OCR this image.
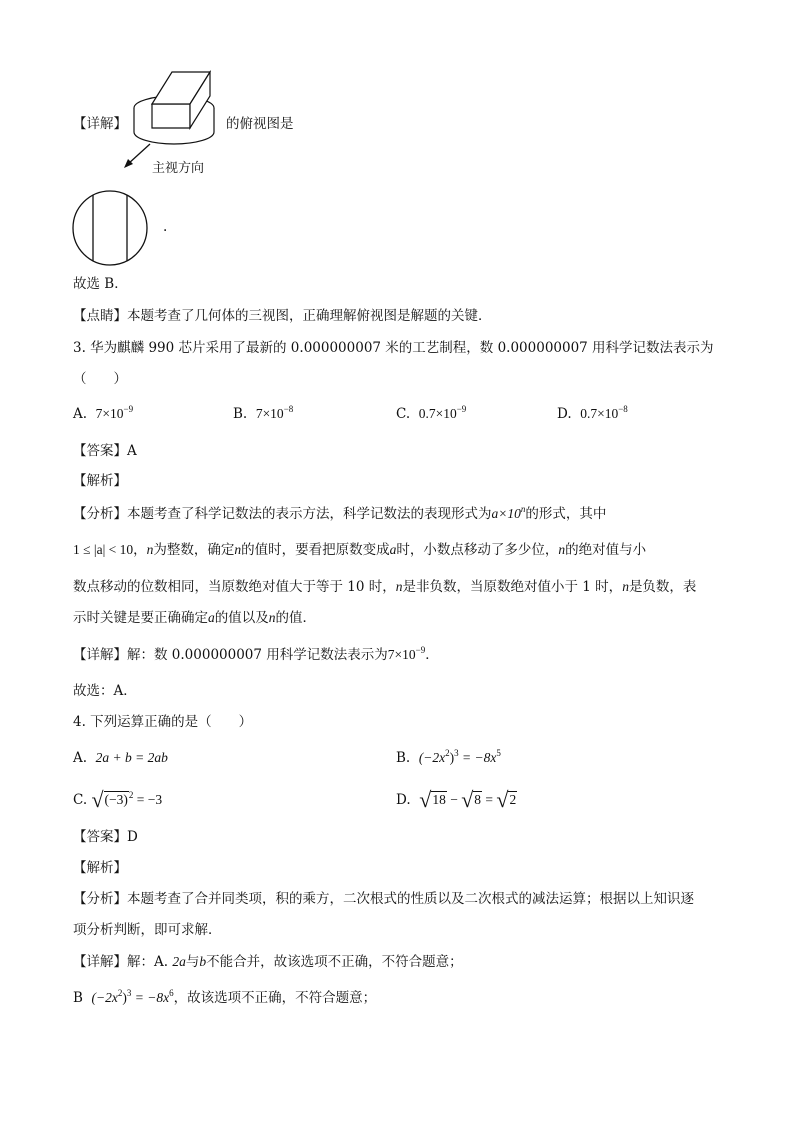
【详解】	的俯视图是
主视方向
.
故选 B．
【点睛】本题考查了几何体的三视图，正确理解俯视图是解题的关键．
3. 华为麒麟 990 芯片采用了最新的 0.000000007 米的工艺制程，数 0.000000007 用科学记数法表示为
（　　）
A. $7\times 10^{-9}$	B. $7\times 10^{-8}$	C. $0.7\times 10^{-9}$	D. $0.7\times 10^{-8}$
【答案】A
【解析】
【分析】本题考查了科学记数法的表示方法，科学记数法的表现形式为$a\times 10^n$的形式，其中
1 ≤ |a| < 10，n为整数，确定n的值时，要看把原数变成a时，小数点移动了多少位，n的绝对值与小
数点移动的位数相同，当原数绝对值大于等于 10 时，n是非负数，当原数绝对值小于 1 时，n是负数，表
示时关键是要正确确定a的值以及n的值．
【详解】解：数 0.000000007 用科学记数法表示为$7\times 10^{-9}$．
故选：A．
4. 下列运算正确的是（　　）
A. 2a + b = 2ab	B. $(-2x^2)^3 = -8x^5$
C. $√(-3)^2 = -3$	D. √18 − √8 = √2
【答案】D
【解析】
【分析】本题考查了合并同类项，积的乘方，二次根式的性质以及二次根式的减法运算；根据以上知识逐
项分析判断，即可求解．
【详解】解：A. 2a与b不能合并，故该选项不正确，不符合题意；
B $(-2x^2)^3 = -8x^6$，故该选项不正确，不符合题意；
